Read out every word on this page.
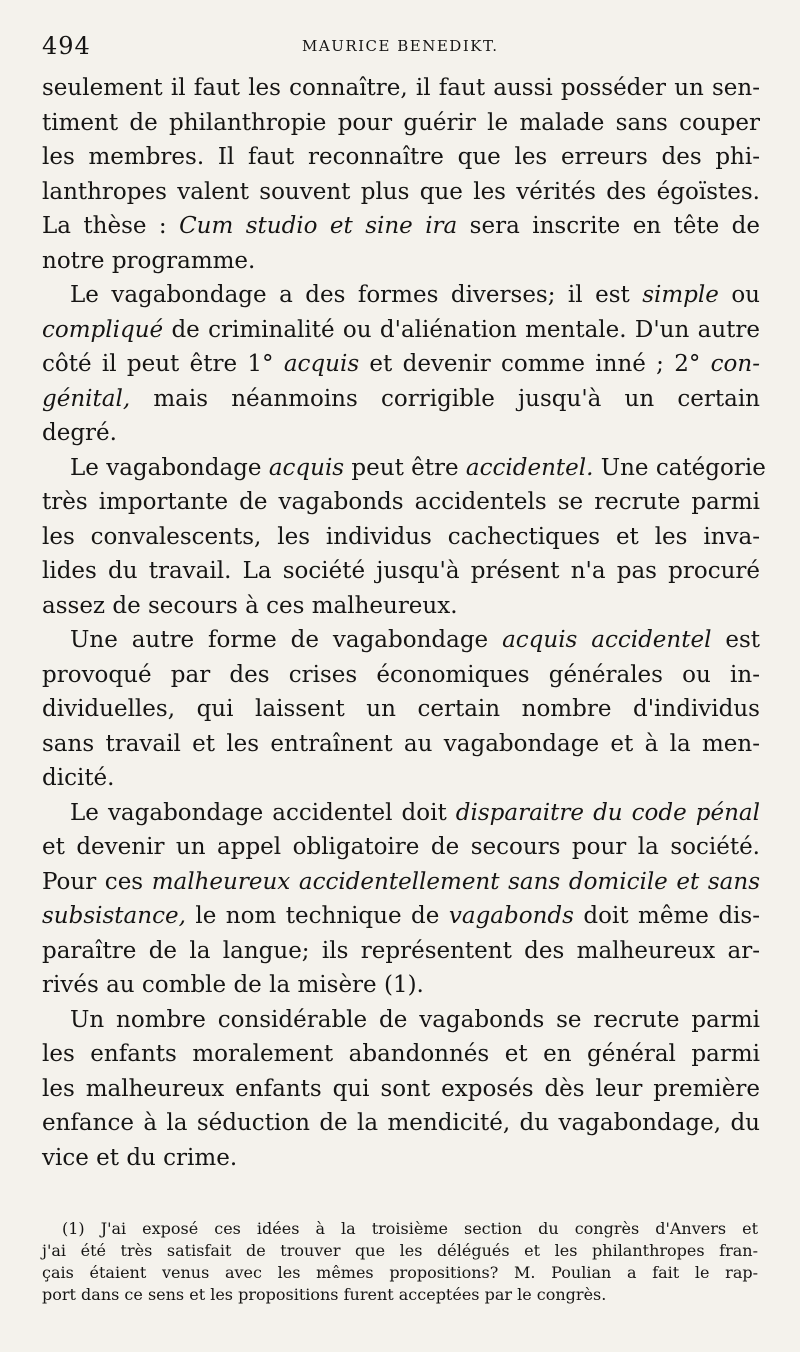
494	MAURICE BENEDIKT.
seulement il faut les connaître, il faut aussi posséder un sen-
timent de philanthropie pour guérir le malade sans couper
les membres. Il faut reconnaître que les erreurs des phi-
lanthropes valent souvent plus que les vérités des égoïstes.
La thèse : Cum studio et sine ira sera inscrite en tête de
notre programme.
Le vagabondage a des formes diverses; il est simple ou
compliqué de criminalité ou d'aliénation mentale. D'un autre
côté il peut être 1° acquis et devenir comme inné ; 2° con-
génital, mais néanmoins corrigible jusqu'à un certain
degré.
Le vagabondage acquis peut être accidentel. Une catégorie
très importante de vagabonds accidentels se recrute parmi
les convalescents, les individus cachectiques et les inva-
lides du travail. La société jusqu'à présent n'a pas procuré
assez de secours à ces malheureux.
Une autre forme de vagabondage acquis accidentel est
provoqué par des crises économiques générales ou in-
dividuelles, qui laissent un certain nombre d'individus
sans travail et les entraînent au vagabondage et à la men-
dicité.
Le vagabondage accidentel doit disparaitre du code pénal
et devenir un appel obligatoire de secours pour la société.
Pour ces malheureux accidentellement sans domicile et sans
subsistance, le nom technique de vagabonds doit même dis-
paraître de la langue; ils représentent des malheureux ar-
rivés au comble de la misère (1).
Un nombre considérable de vagabonds se recrute parmi
les enfants moralement abandonnés et en général parmi
les malheureux enfants qui sont exposés dès leur première
enfance à la séduction de la mendicité, du vagabondage, du
vice et du crime.
(1) J'ai exposé ces idées à la troisième section du congrès d'Anvers et
j'ai été très satisfait de trouver que les délégués et les philanthropes fran-
çais étaient venus avec les mêmes propositions? M. Poulian a fait le rap-
port dans ce sens et les propositions furent acceptées par le congrès.
